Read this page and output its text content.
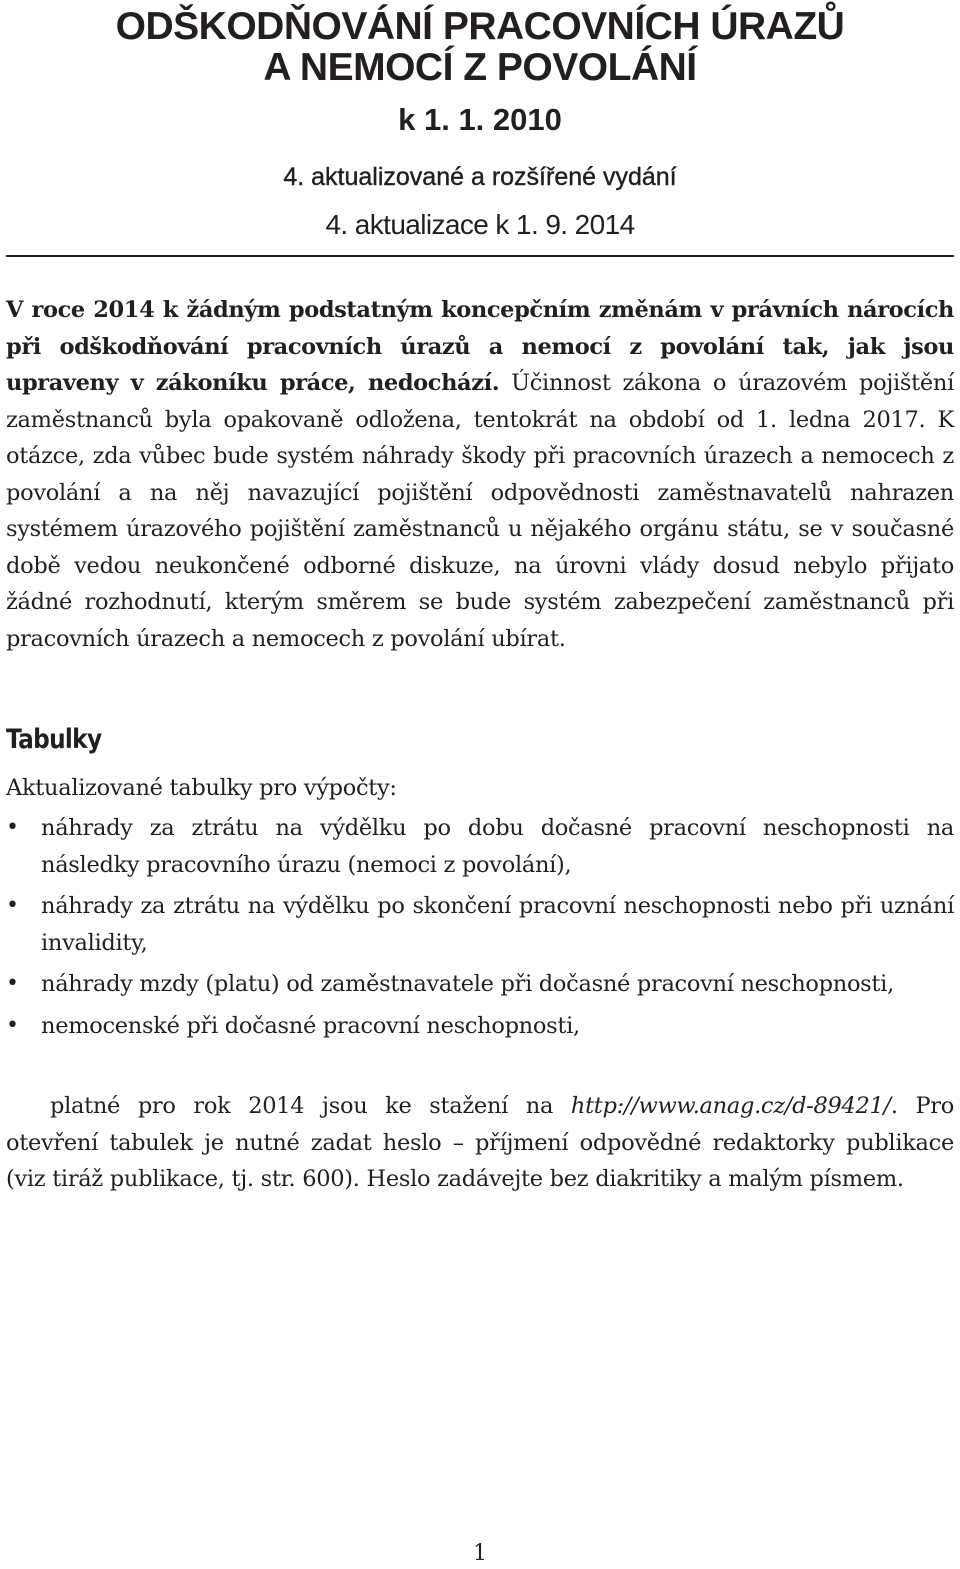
ODŠKODŇOVÁNÍ PRACOVNÍCH ÚRAZŮ
A NEMOCÍ Z POVOLÁNÍ
k 1. 1. 2010
4. aktualizované a rozšířené vydání
4. aktualizace k 1. 9. 2014

V roce 2014 k žádným podstatným koncepčním změnám v právních nárocích při odškodňování pracovních úrazů a nemocí z povolání tak, jak jsou upraveny v zákoníku práce, nedochází. Účinnost zákona o úrazovém pojištění zaměstnanců byla opakovaně odložena, tentokrát na období od 1. ledna 2017. K otázce, zda vůbec bude systém náhrady škody při pracovních úrazech a nemocech z povolání a na něj navazující pojištění odpovědnosti zaměstnavatelů nahrazen systémem úrazového pojištění zaměstnanců u nějakého orgánu státu, se v současné době vedou neukončené odborné diskuze, na úrovni vlády dosud nebylo přijato žádné rozhodnutí, kterým směrem se bude systém zabezpečení zaměstnanců při pracovních úrazech a nemocech z povolání ubírat.

Tabulky

Aktualizované tabulky pro výpočty:

• náhrady za ztrátu na výdělku po dobu dočasné pracovní neschopnosti na následky pracovního úrazu (nemoci z povolání),
• náhrady za ztrátu na výdělku po skončení pracovní neschopnosti nebo při uznání invalidity,
• náhrady mzdy (platu) od zaměstnavatele při dočasné pracovní neschopnosti,
• nemocenské při dočasné pracovní neschopnosti,

platné pro rok 2014 jsou ke stažení na http://www.anag.cz/d-89421/. Pro otevření tabulek je nutné zadat heslo – příjmení odpovědné redaktorky publikace (viz tiráž publikace, tj. str. 600). Heslo zadávejte bez diakritiky a malým písmem.

1
